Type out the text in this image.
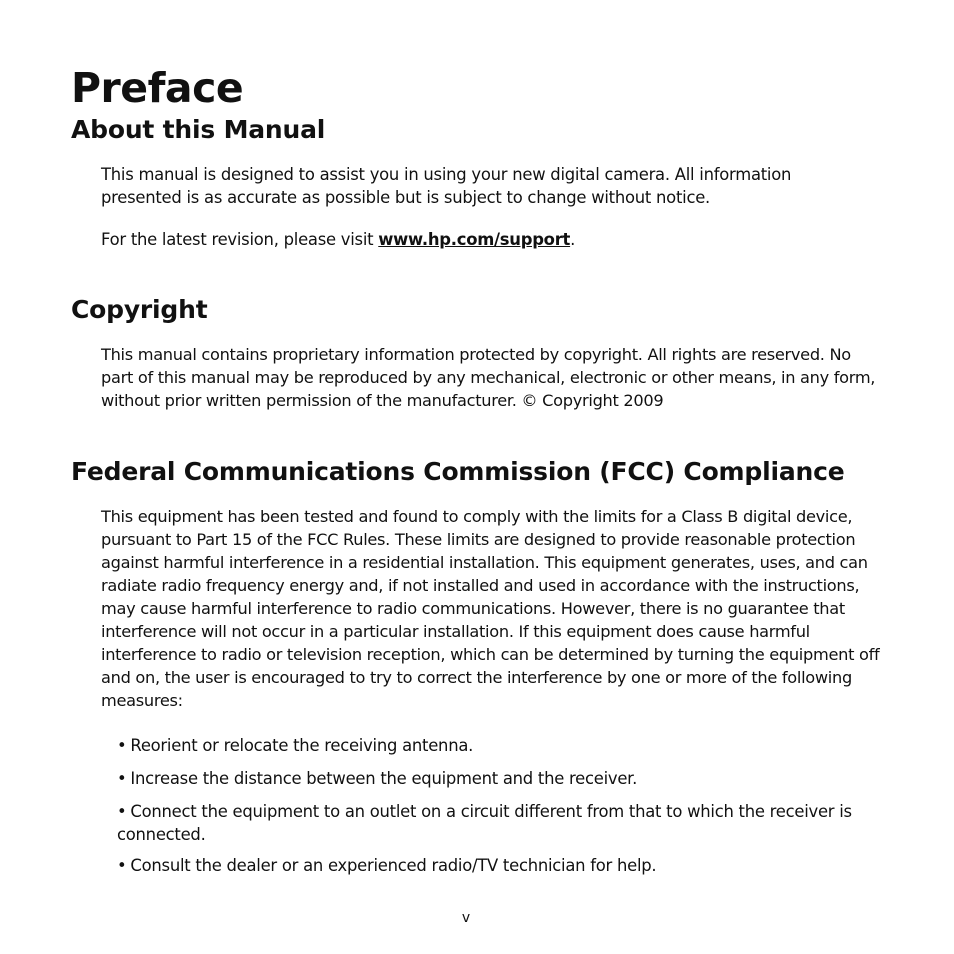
Preface
About this Manual

This manual is designed to assist you in using your new digital camera. All information presented is as accurate as possible but is subject to change without notice.

For the latest revision, please visit www.hp.com/support.

Copyright

This manual contains proprietary information protected by copyright. All rights are reserved. No part of this manual may be reproduced by any mechanical, electronic or other means, in any form, without prior written permission of the manufacturer. © Copyright 2009

Federal Communications Commission (FCC) Compliance

This equipment has been tested and found to comply with the limits for a Class B digital device, pursuant to Part 15 of the FCC Rules. These limits are designed to provide reasonable protection against harmful interference in a residential installation. This equipment generates, uses, and can radiate radio frequency energy and, if not installed and used in accordance with the instructions, may cause harmful interference to radio communications. However, there is no guarantee that interference will not occur in a particular installation. If this equipment does cause harmful interference to radio or television reception, which can be determined by turning the equipment off and on, the user is encouraged to try to correct the interference by one or more of the following measures:

• Reorient or relocate the receiving antenna.
• Increase the distance between the equipment and the receiver.
• Connect the equipment to an outlet on a circuit different from that to which the receiver is connected.
• Consult the dealer or an experienced radio/TV technician for help.
v
